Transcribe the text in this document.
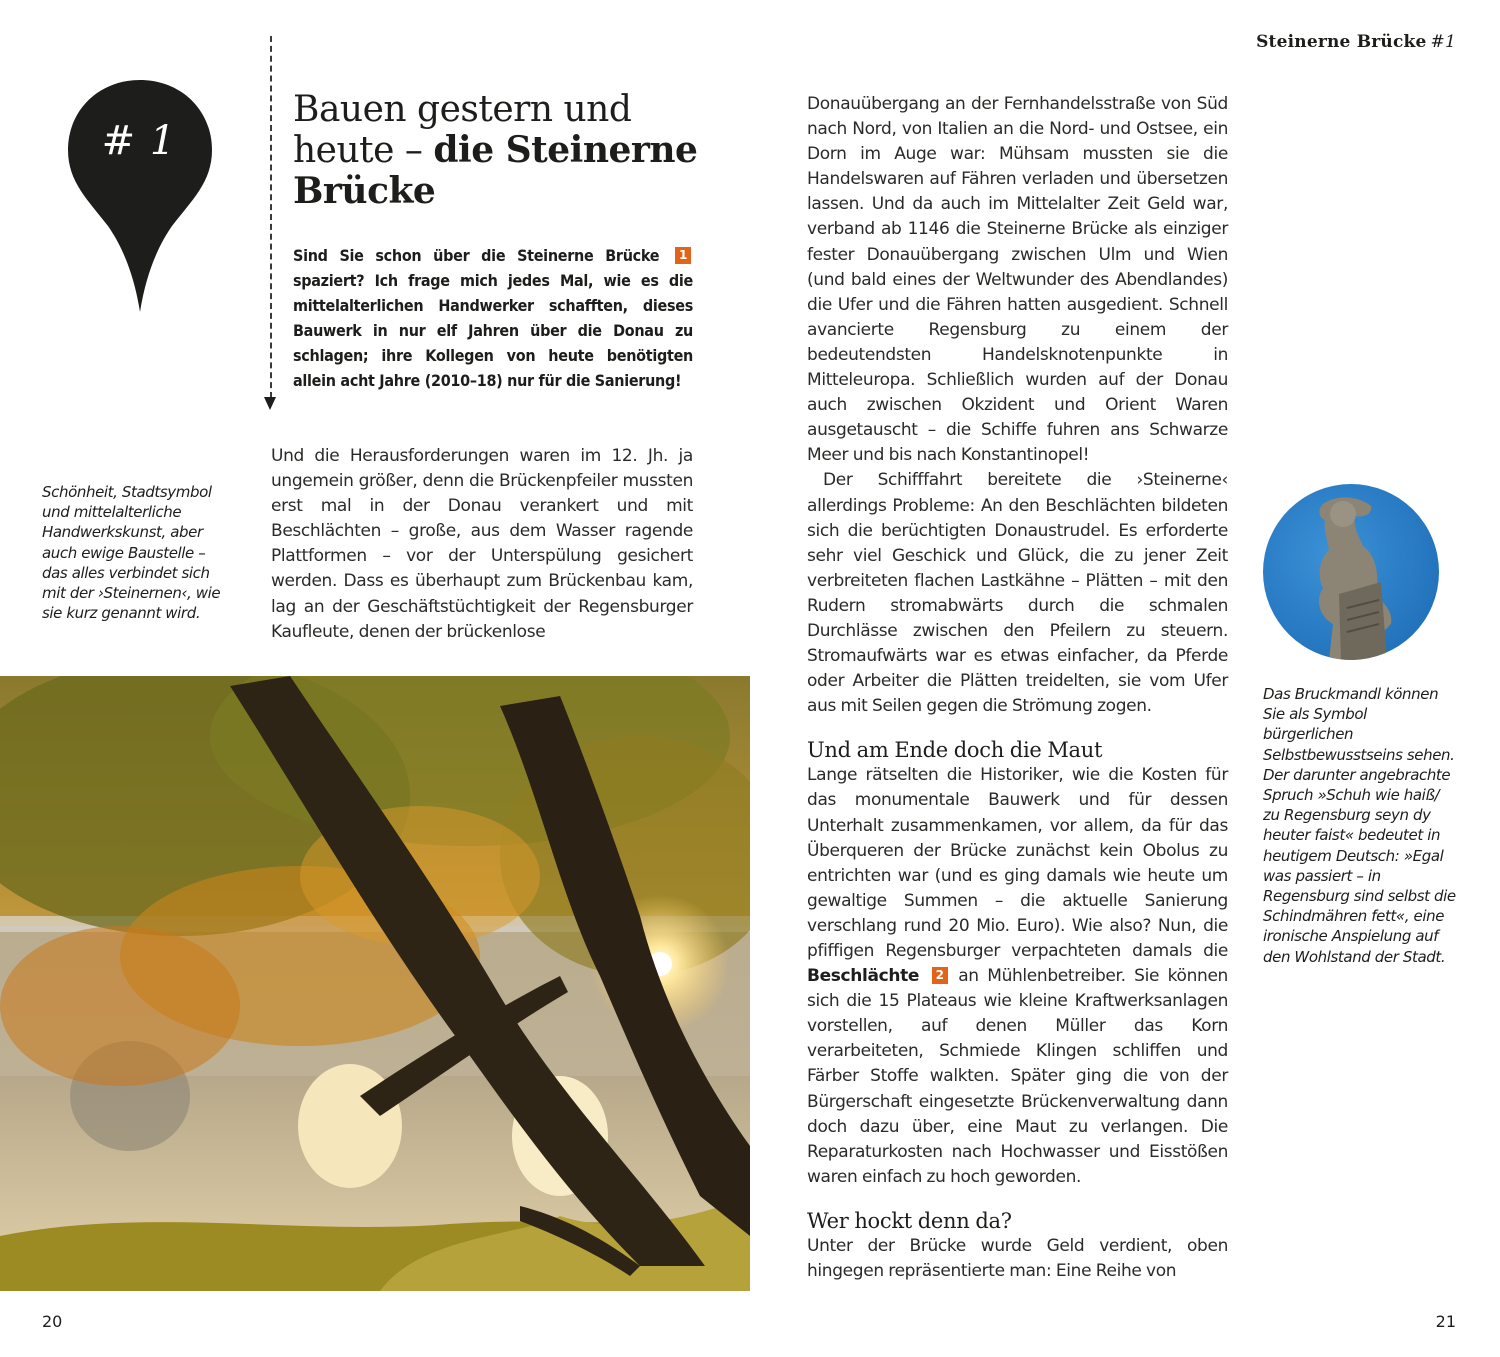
Steinerne Brücke #1
# 1
Bauen gestern und heute – die Steinerne Brücke

Sind Sie schon über die Steinerne Brücke 1 spaziert? Ich frage mich jedes Mal, wie es die mittelalterlichen Handwerker schafften, dieses Bauwerk in nur elf Jahren über die Donau zu schlagen; ihre Kollegen von heute benötigten allein acht Jahre (2010–18) nur für die Sanierung!

Schönheit, Stadtsymbol und mittelalterliche Handwerkskunst, aber auch ewige Baustelle – das alles verbindet sich mit der ›Steinernen‹, wie sie kurz genannt wird.

Und die Herausforderungen waren im 12. Jh. ja ungemein größer, denn die Brückenpfeiler mussten erst mal in der Donau verankert und mit Beschlächten – große, aus dem Wasser ragende Plattformen – vor der Unterspülung gesichert werden. Dass es überhaupt zum Brückenbau kam, lag an der Geschäftstüchtigkeit der Regensburger Kaufleute, denen der brückenlose

Donauübergang an der Fernhandelsstraße von Süd nach Nord, von Italien an die Nord- und Ostsee, ein Dorn im Auge war: Mühsam mussten sie die Handelswaren auf Fähren verladen und übersetzen lassen. Und da auch im Mittelalter Zeit Geld war, verband ab 1146 die Steinerne Brücke als einziger fester Donauübergang zwischen Ulm und Wien (und bald eines der Weltwunder des Abendlandes) die Ufer und die Fähren hatten ausgedient. Schnell avancierte Regensburg zu einem der bedeutendsten Handelsknotenpunkte in Mitteleuropa. Schließlich wurden auf der Donau auch zwischen Okzident und Orient Waren ausgetauscht – die Schiffe fuhren ans Schwarze Meer und bis nach Konstantinopel!

Der Schifffahrt bereitete die ›Steinerne‹ allerdings Probleme: An den Beschlächten bildeten sich die berüchtigten Donaustrudel. Es erforderte sehr viel Geschick und Glück, die zu jener Zeit verbreiteten flachen Lastkähne – Plätten – mit den Rudern stromabwärts durch die schmalen Durchlässe zwischen den Pfeilern zu steuern. Stromaufwärts war es etwas einfacher, da Pferde oder Arbeiter die Plätten treidelten, sie vom Ufer aus mit Seilen gegen die Strömung zogen.

Und am Ende doch die Maut

Lange rätselten die Historiker, wie die Kosten für das monumentale Bauwerk und für dessen Unterhalt zusammenkamen, vor allem, da für das Überqueren der Brücke zunächst kein Obolus zu entrichten war (und es ging damals wie heute um gewaltige Summen – die aktuelle Sanierung verschlang rund 20 Mio. Euro). Wie also? Nun, die pfiffigen Regensburger verpachteten damals die Beschlächte 2 an Mühlenbetreiber. Sie können sich die 15 Plateaus wie kleine Kraftwerksanlagen vorstellen, auf denen Müller das Korn verarbeiteten, Schmiede Klingen schliffen und Färber Stoffe walkten. Später ging die von der Bürgerschaft eingesetzte Brückenverwaltung dann doch dazu über, eine Maut zu verlangen. Die Reparaturkosten nach Hochwasser und Eisstößen waren einfach zu hoch geworden.

Wer hockt denn da?

Unter der Brücke wurde Geld verdient, oben hingegen repräsentierte man: Eine Reihe von

Das Bruckmandl können Sie als Symbol bürgerlichen Selbstbewusstseins sehen. Der darunter angebrachte Spruch »Schuh wie haiß/ zu Regensburg seyn dy heuter faist« bedeutet in heutigem Deutsch: »Egal was passiert – in Regensburg sind selbst die Schindmähren fett«, eine ironische Anspielung auf den Wohlstand der Stadt.

20	21
